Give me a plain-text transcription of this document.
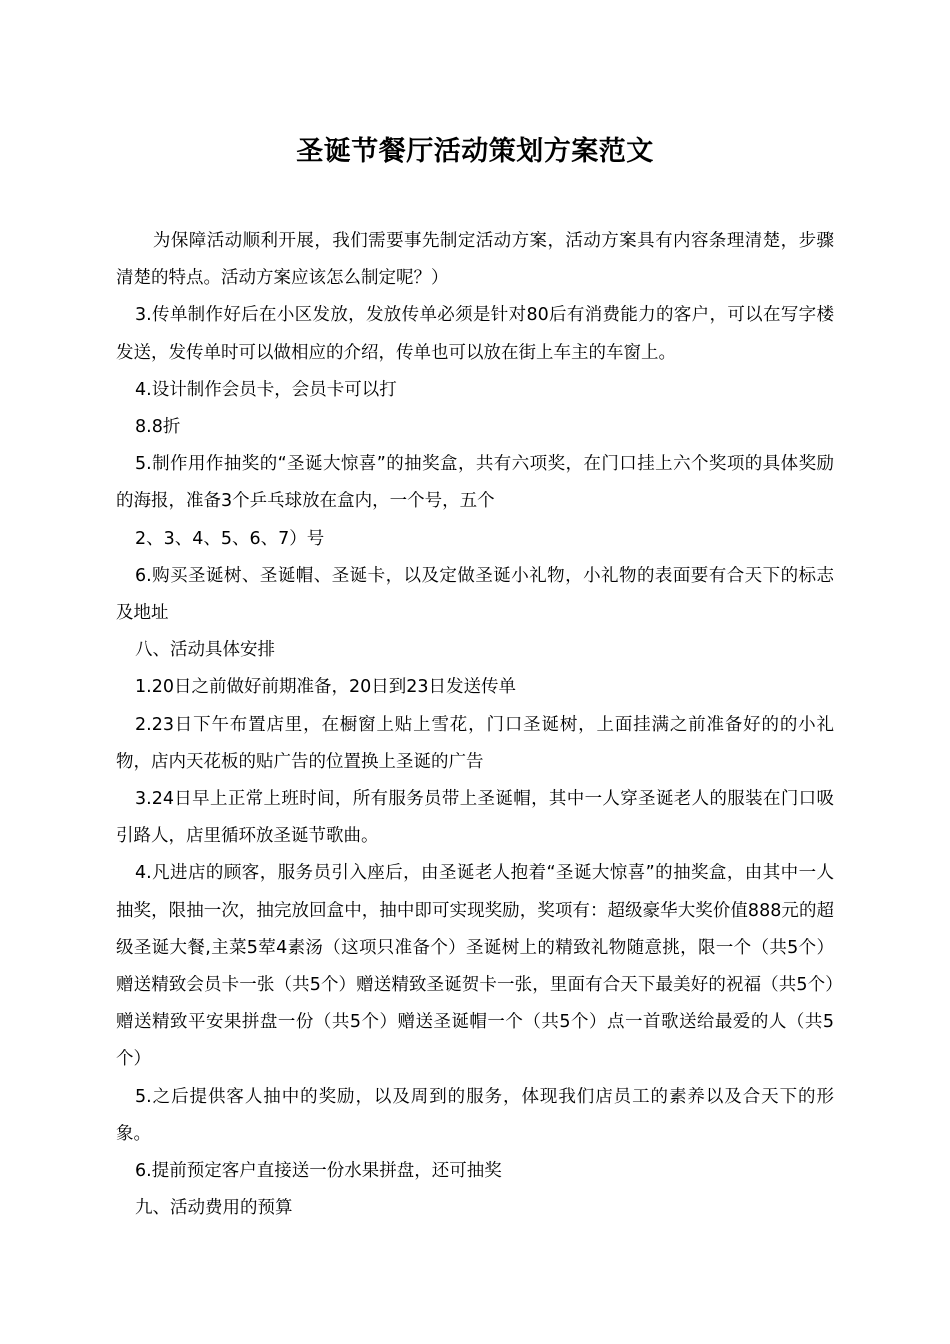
圣诞节餐厅活动策划方案范文

　为保障活动顺利开展，我们需要事先制定活动方案，活动方案具有内容条理清楚，步骤清楚的特点。活动方案应该怎么制定呢？）

3.传单制作好后在小区发放，发放传单必须是针对80后有消费能力的客户，可以在写字楼发送，发传单时可以做相应的介绍，传单也可以放在街上车主的车窗上。

4.设计制作会员卡，会员卡可以打

8.8折

5.制作用作抽奖的“圣诞大惊喜”的抽奖盒，共有六项奖，在门口挂上六个奖项的具体奖励的海报，准备3个乒乓球放在盒内，一个号，五个

2、3、4、5、6、7）号

6.购买圣诞树、圣诞帽、圣诞卡，以及定做圣诞小礼物，小礼物的表面要有合天下的标志及地址

八、活动具体安排

1.20日之前做好前期准备，20日到23日发送传单

2.23日下午布置店里，在橱窗上贴上雪花，门口圣诞树，上面挂满之前准备好的的小礼物，店内天花板的贴广告的位置换上圣诞的广告

3.24日早上正常上班时间，所有服务员带上圣诞帽，其中一人穿圣诞老人的服装在门口吸引路人，店里循环放圣诞节歌曲。

4.凡进店的顾客，服务员引入座后，由圣诞老人抱着“圣诞大惊喜”的抽奖盒，由其中一人抽奖，限抽一次，抽完放回盒中，抽中即可实现奖励，奖项有：超级豪华大奖价值888元的超级圣诞大餐,主菜5荤4素汤（这项只准备个）圣诞树上的精致礼物随意挑，限一个（共5个）赠送精致会员卡一张（共5个）赠送精致圣诞贺卡一张，里面有合天下最美好的祝福（共5个）赠送精致平安果拼盘一份（共5个）赠送圣诞帽一个（共5个）点一首歌送给最爱的人（共5个）

5.之后提供客人抽中的奖励，以及周到的服务，体现我们店员工的素养以及合天下的形象。

6.提前预定客户直接送一份水果拼盘，还可抽奖

九、活动费用的预算
